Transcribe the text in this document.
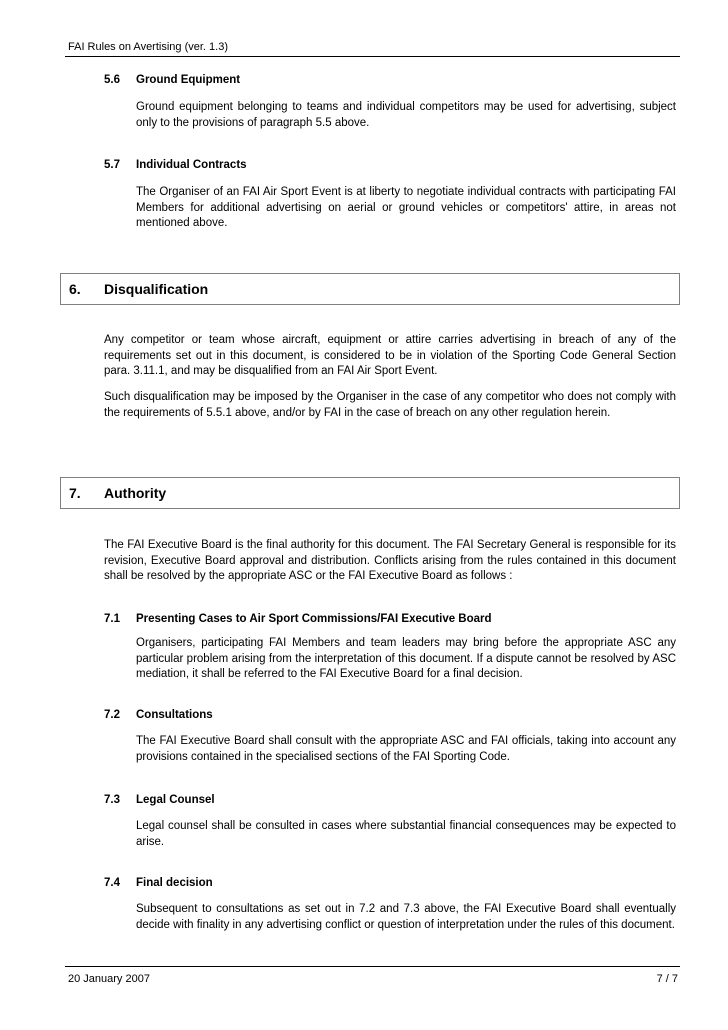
FAI Rules on Avertising (ver. 1.3)
5.6 Ground Equipment

Ground equipment belonging to teams and individual competitors may be used for advertising, subject only to the provisions of paragraph 5.5 above.

5.7 Individual Contracts

The Organiser of an FAI Air Sport Event is at liberty to negotiate individual contracts with participating FAI Members for additional advertising on aerial or ground vehicles or competitors' attire, in areas not mentioned above.

6. Disqualification

Any competitor or team whose aircraft, equipment or attire carries advertising in breach of any of the requirements set out in this document, is considered to be in violation of the Sporting Code General Section para. 3.11.1, and may be disqualified from an FAI Air Sport Event.

Such disqualification may be imposed by the Organiser in the case of any competitor who does not comply with the requirements of 5.5.1 above, and/or by FAI in the case of breach on any other regulation herein.

7. Authority

The FAI Executive Board is the final authority for this document. The FAI Secretary General is responsible for its revision, Executive Board approval and distribution. Conflicts arising from the rules contained in this document shall be resolved by the appropriate ASC or the FAI Executive Board as follows :

7.1 Presenting Cases to Air Sport Commissions/FAI Executive Board

Organisers, participating FAI Members and team leaders may bring before the appropriate ASC any particular problem arising from the interpretation of this document. If a dispute cannot be resolved by ASC mediation, it shall be referred to the FAI Executive Board for a final decision.

7.2 Consultations

The FAI Executive Board shall consult with the appropriate ASC and FAI officials, taking into account any provisions contained in the specialised sections of the FAI Sporting Code.

7.3 Legal Counsel

Legal counsel shall be consulted in cases where substantial financial consequences may be expected to arise.

7.4 Final decision

Subsequent to consultations as set out in 7.2 and 7.3 above, the FAI Executive Board shall eventually decide with finality in any advertising conflict or question of interpretation under the rules of this document.

20 January 2007	7 / 7
